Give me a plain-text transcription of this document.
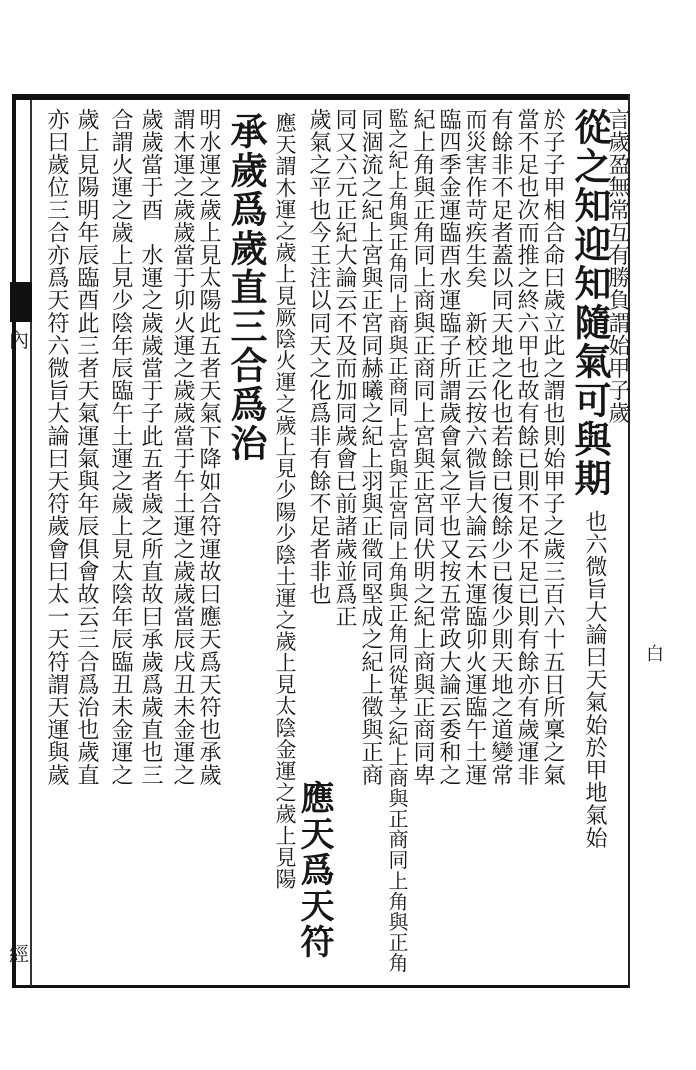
內
經
白
從之知迎知隨氣可與期
言歲盈無常互有勝負謂始甲子歲
也六微旨大論曰天氣始於甲地氣始
於子子甲相合命曰歲立此之謂也則始甲子之歲三百六十五日所稟之氣
當不足也次而推之終六甲也故有餘已則不足不足已則有餘亦有歲運非
有餘非不足者蓋以同天地之化也若餘已復餘少已復少則天地之道變常
而災害作苛疾生矣　新校正云按六微旨大論云木運臨卯火運臨午土運
臨四季金運臨酉水運臨子所謂歲會氣之平也又按五常政大論云委和之
紀上角與正角同上商與正商同上宮與正宮同伏明之紀上商與正商同卑
監之紀上角與正角同上商與正商同上宮與正宮同上角與正角同從革之紀上商與正商同上角與正角
同涸流之紀上宮與正宮同赫曦之紀上羽與正徵同堅成之紀上徵與正商
同又六元正紀大論云不及而加同歲會已前諸歲並爲正
應天爲天符
歲氣之平也今王注以同天之化爲非有餘不足者非也
承歲爲歲直三合爲治 應天謂木運之歲上見厥陰火運之歲上見少陽少陰土運之歲上見太陰金運之歲上見陽
明水運之歲上見太陽此五者天氣下降如合符運故曰應天爲天符也承歲
謂木運之歲歲當于卯火運之歲歲當于午土運之歲歲當辰戌丑未金運之
歲歲當于酉　水運之歲歲當于子此五者歲之所直故曰承歲爲歲直也三
合謂火運之歲上見少陰年辰臨午土運之歲上見太陰年辰臨丑未金運之
歲上見陽明年辰臨酉此三者天氣運氣與年辰俱會故云三合爲治也歲直
亦曰歲位三合亦爲天符六微旨大論曰天符歲會曰太一天符謂天運與歲
